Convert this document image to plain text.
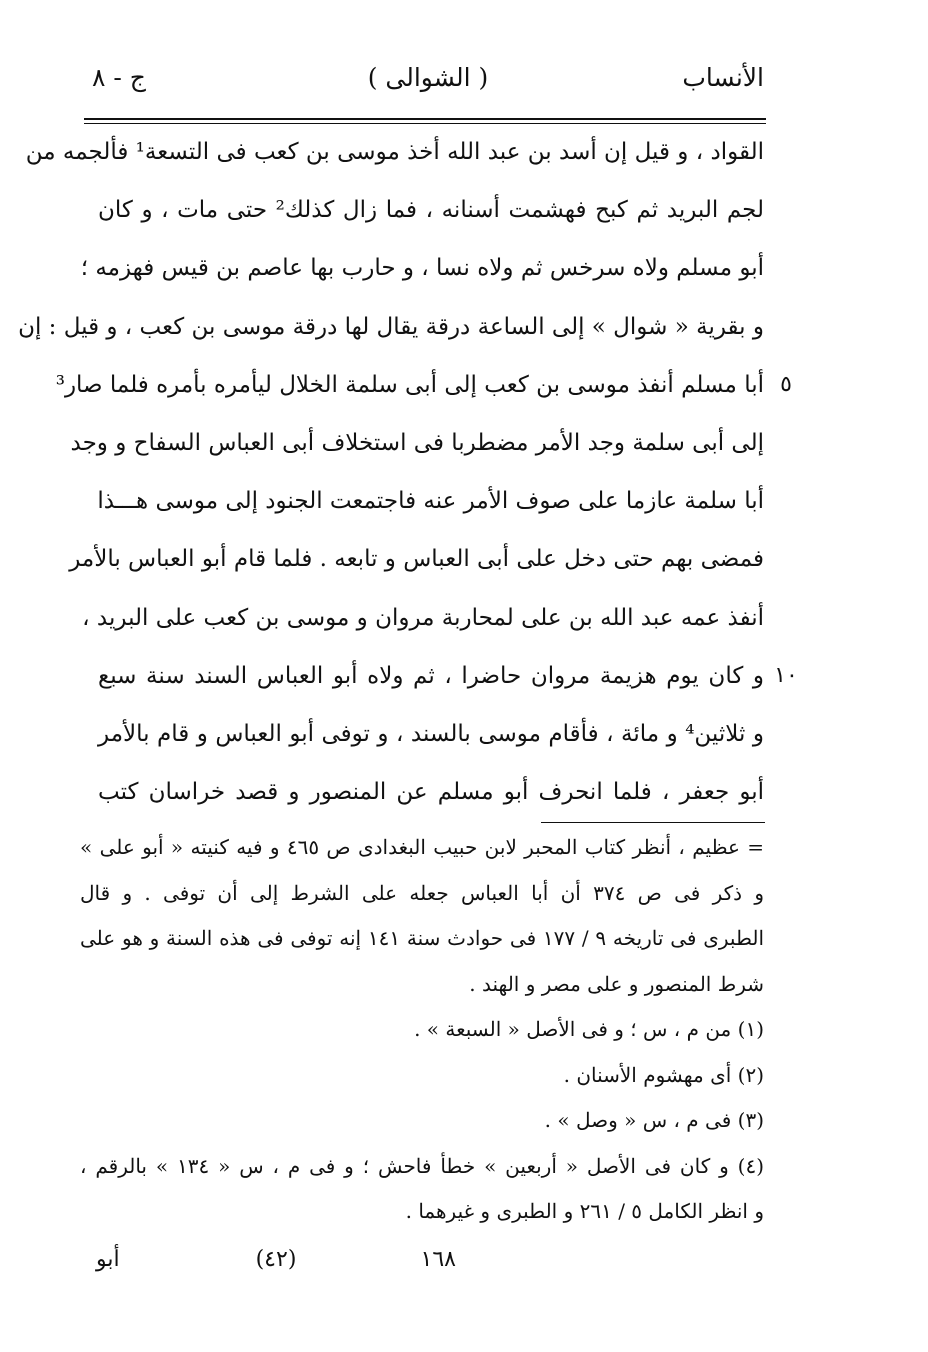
الأنساب
( الشوالى )
ج - ٨
القواد ، و قيل إن أسد بن عبد الله أخذ موسى بن كعب فى التسعة¹ فألجمه من
لجم البريد ثم كبح فهشمت أسنانه ، فما زال كذلك² حتى مات ، و كان
أبو مسلم ولاه سرخس ثم ولاه نسا ، و حارب بها عاصم بن قيس فهزمه ؛
و بقرية « شوال » إلى الساعة درقة يقال لها درقة موسى بن كعب ، و قيل : إن
أبا مسلم أنفذ موسى بن كعب إلى أبى سلمة الخلال ليأمره بأمره فلما صار³ ٥
إلى أبى سلمة وجد الأمر مضطربا فى استخلاف أبى العباس السفاح و وجد
أبا سلمة عازما على صوف الأمر عنه فاجتمعت الجنود إلى موسى هـــذا
فمضى بهم حتى دخل على أبى العباس و تابعه . فلما قام أبو العباس بالأمر
أنفذ عمه عبد الله بن على لمحاربة مروان و موسى بن كعب على البريد ،
و كان يوم هزيمة مروان حاضرا ، ثم ولاه أبو العباس السند سنة سبع ١٠
و ثلاثين⁴ و مائة ، فأقام موسى بالسند ، و توفى أبو العباس و قام بالأمر
أبو جعفر ، فلما انحرف أبو مسلم عن المنصور و قصد خراسان كتب
= عظيم ، أنظر كتاب المحبر لابن حبيب البغدادى ص ٤٦٥ و فيه كنيته « أبو على »
و ذكر فى ص ٣٧٤ أن أبا العباس جعله على الشرط إلى أن توفى . و قال
الطبرى فى تاريخه ٩ / ١٧٧ فى حوادث سنة ١٤١ إنه توفى فى هذه السنة و هو على
شرط المنصور و على مصر و الهند .
(١) من م ، س ؛ و فى الأصل « السبعة » .
(٢) أى مهشوم الأسنان .
(٣) فى م ، س « وصل » .
(٤) و كان فى الأصل « أربعين » خطأ فاحش ؛ و فى م ، س « ١٣٤ » بالرقم ،
و انظر الكامل ٥ / ٢٦١ و الطبرى و غيرهما .
(٤٢)
أبو	١٦٨
